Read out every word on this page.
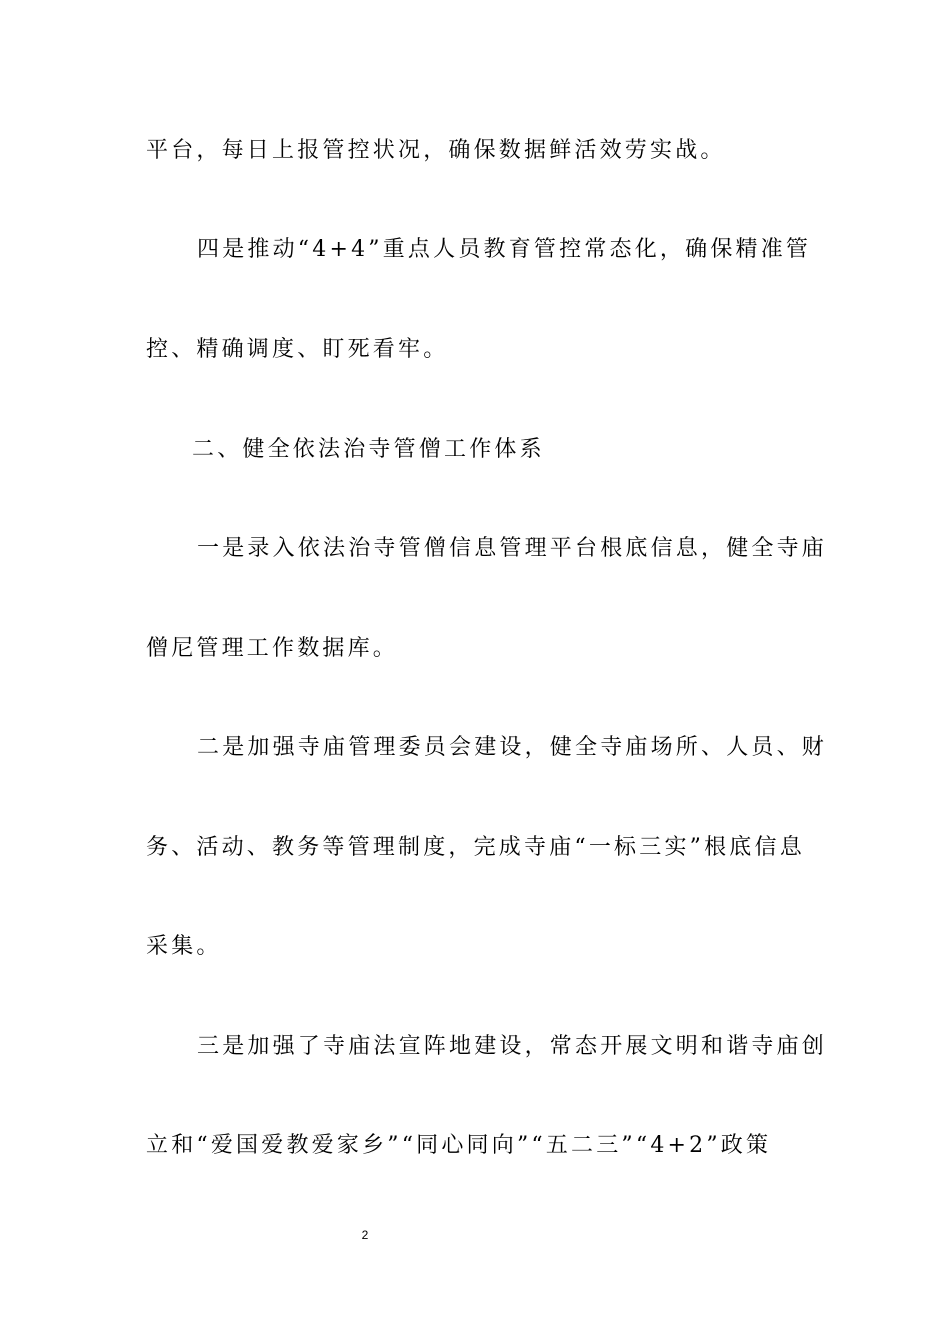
平台，每日上报管控状况，确保数据鲜活效劳实战。
四是推动“4+4”重点人员教育管控常态化，确保精准管
控、精确调度、盯死看牢。
二、健全依法治寺管僧工作体系
一是录入依法治寺管僧信息管理平台根底信息，健全寺庙
僧尼管理工作数据库。
二是加强寺庙管理委员会建设，健全寺庙场所、人员、财
务、活动、教务等管理制度，完成寺庙“一标三实”根底信息
采集。
三是加强了寺庙法宣阵地建设，常态开展文明和谐寺庙创
立和“爱国爱教爱家乡”“同心同向”“五二三”“4+2”政策
2
